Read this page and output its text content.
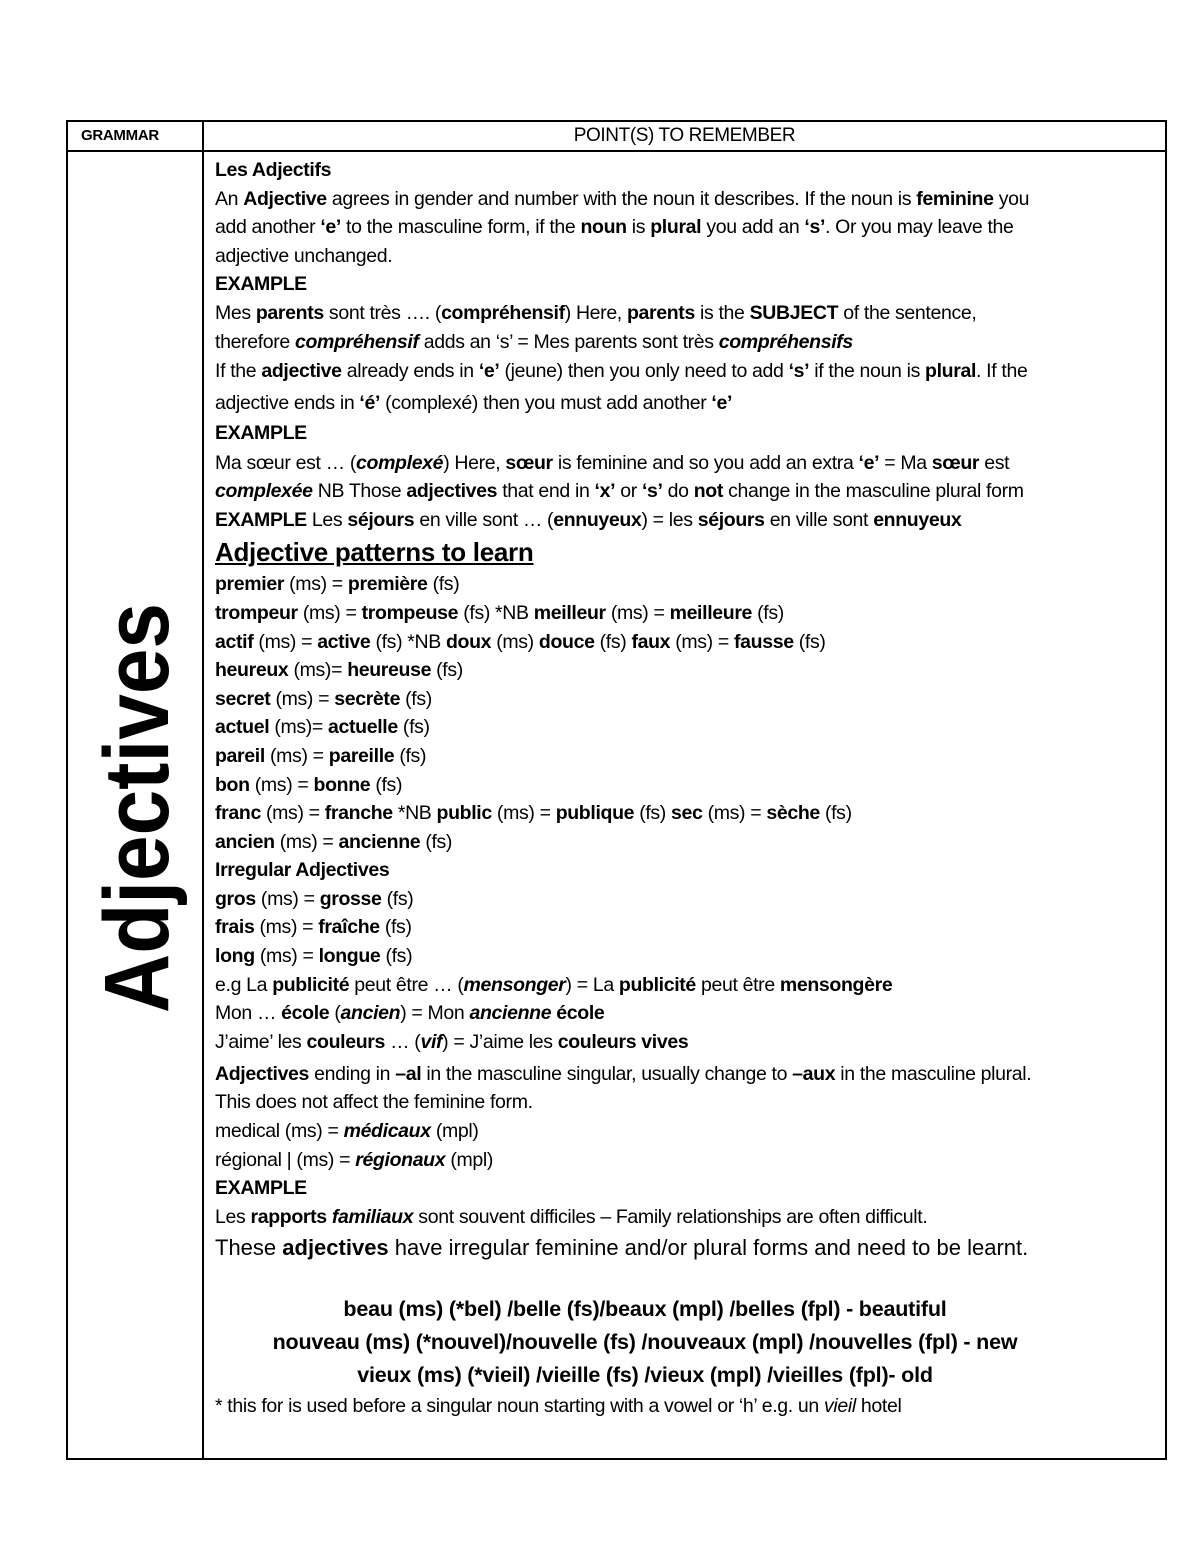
GRAMMAR	POINT(S) TO REMEMBER
Adjectives
Les Adjectifs
An Adjective agrees in gender and number with the noun it describes. If the noun is feminine you
add another ‘e’ to the masculine form, if the noun is plural you add an ‘s’. Or you may leave the
adjective unchanged.
EXAMPLE
Mes parents sont très …. (compréhensif) Here, parents is the SUBJECT of the sentence,
therefore compréhensif adds an ‘s’ = Mes parents sont très compréhensifs
If the adjective already ends in ‘e’ (jeune) then you only need to add ‘s’ if the noun is plural. If the
adjective ends in ‘é’ (complexé) then you must add another ‘e’
EXAMPLE
Ma sœur est … (complexé) Here, sœur is feminine and so you add an extra ‘e’ = Ma sœur est
complexée NB Those adjectives that end in ‘x’ or ‘s’ do not change in the masculine plural form
EXAMPLE Les séjours en ville sont … (ennuyeux) = les séjours en ville sont ennuyeux
Adjective patterns to learn
premier (ms) = première (fs)
trompeur (ms) = trompeuse (fs) *NB meilleur (ms) = meilleure (fs)
actif (ms) = active (fs) *NB doux (ms) douce (fs) faux (ms) = fausse (fs)
heureux (ms)= heureuse (fs)
secret (ms) = secrète (fs)
actuel (ms)= actuelle (fs)
pareil (ms) = pareille (fs)
bon (ms) = bonne (fs)
franc (ms) = franche *NB public (ms) = publique (fs) sec (ms) = sèche (fs)
ancien (ms) = ancienne (fs)
Irregular Adjectives
gros (ms) = grosse (fs)
frais (ms) = fraîche (fs)
long (ms) = longue (fs)
e.g La publicité peut être … (mensonger) = La publicité peut être mensongère
Mon … école (ancien) = Mon ancienne école
J’aime’ les couleurs … (vif) = J’aime les couleurs vives
Adjectives ending in –al in the masculine singular, usually change to –aux in the masculine plural.
This does not affect the feminine form.
medical (ms) = médicaux (mpl)
régional | (ms) = régionaux (mpl)
EXAMPLE
Les rapports familiaux sont souvent difficiles – Family relationships are often difficult.
These adjectives have irregular feminine and/or plural forms and need to be learnt.
beau (ms) (*bel) /belle (fs)/beaux (mpl) /belles (fpl) - beautiful
nouveau (ms) (*nouvel)/nouvelle (fs) /nouveaux (mpl) /nouvelles (fpl) - new
vieux (ms) (*vieil) /vieille (fs) /vieux (mpl) /vieilles (fpl)- old
* this for is used before a singular noun starting with a vowel or ‘h’ e.g. un vieil hotel
